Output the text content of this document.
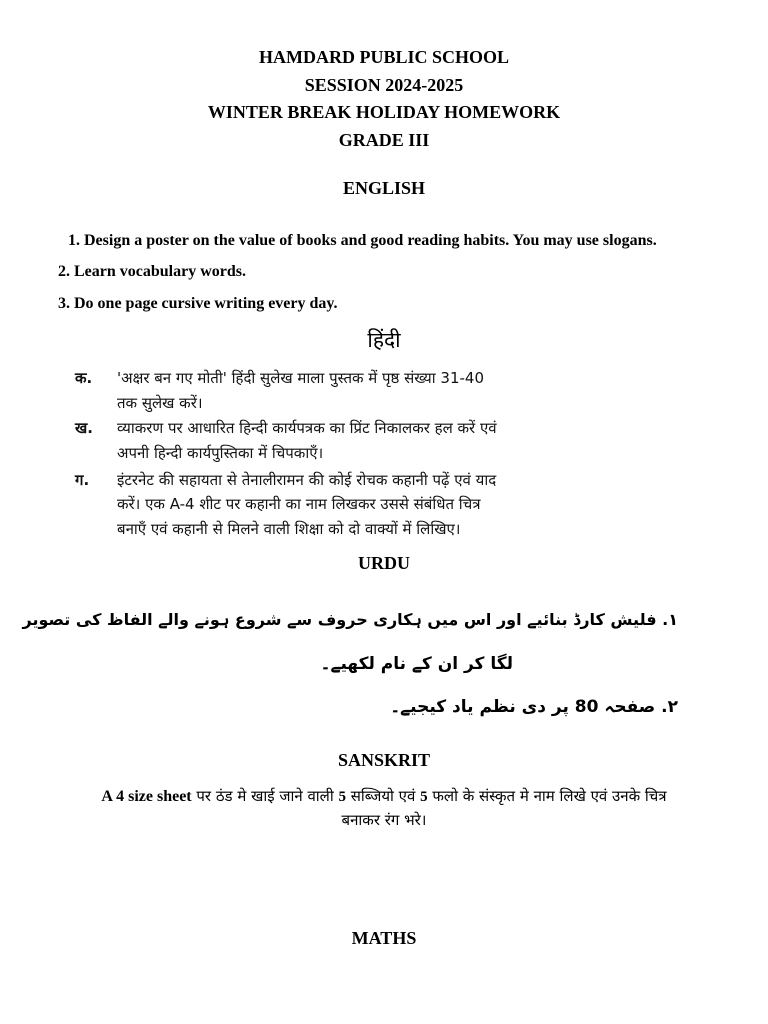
HAMDARD PUBLIC SCHOOL
SESSION 2024-2025
WINTER BREAK HOLIDAY HOMEWORK
GRADE III
ENGLISH
1. Design a poster on the value of books and good reading habits. You may use slogans.
2. Learn vocabulary words.
3. Do one page cursive writing every day.
हिंदी
क. 'अक्षर बन गए मोती' हिंदी सुलेख माला पुस्तक में पृष्ठ संख्या 31-40
तक सुलेख करें।
ख. व्याकरण पर आधारित हिन्दी कार्यपत्रक का प्रिंट निकालकर हल करें एवं
अपनी हिन्दी कार्यपुस्तिका में चिपकाएँ।
ग. इंटरनेट की सहायता से तेनालीरामन की कोई रोचक कहानी पढ़ें एवं याद
करें। एक A-4 शीट पर कहानी का नाम लिखकर उससे संबंधित चित्र
बनाएँ एवं कहानी से मिलने वाली शिक्षा को दो वाक्यों में लिखिए।
URDU
١. فلیش کارڈ بنائیے اور اس میں ہکاری حروف سے شروع ہونے والے الفاظ کی تصویر
لگا کر ان کے نام لکھیے۔
٢. صفحہ 80 پر دی نظم یاد کیجیے۔
SANSKRIT
A 4 size sheet पर ठंड मे खाई जाने वाली 5 सब्जियो एवं 5 फलो के संस्कृत मे नाम लिखे एवं उनके चित्र
बनाकर रंग भरे।
MATHS
